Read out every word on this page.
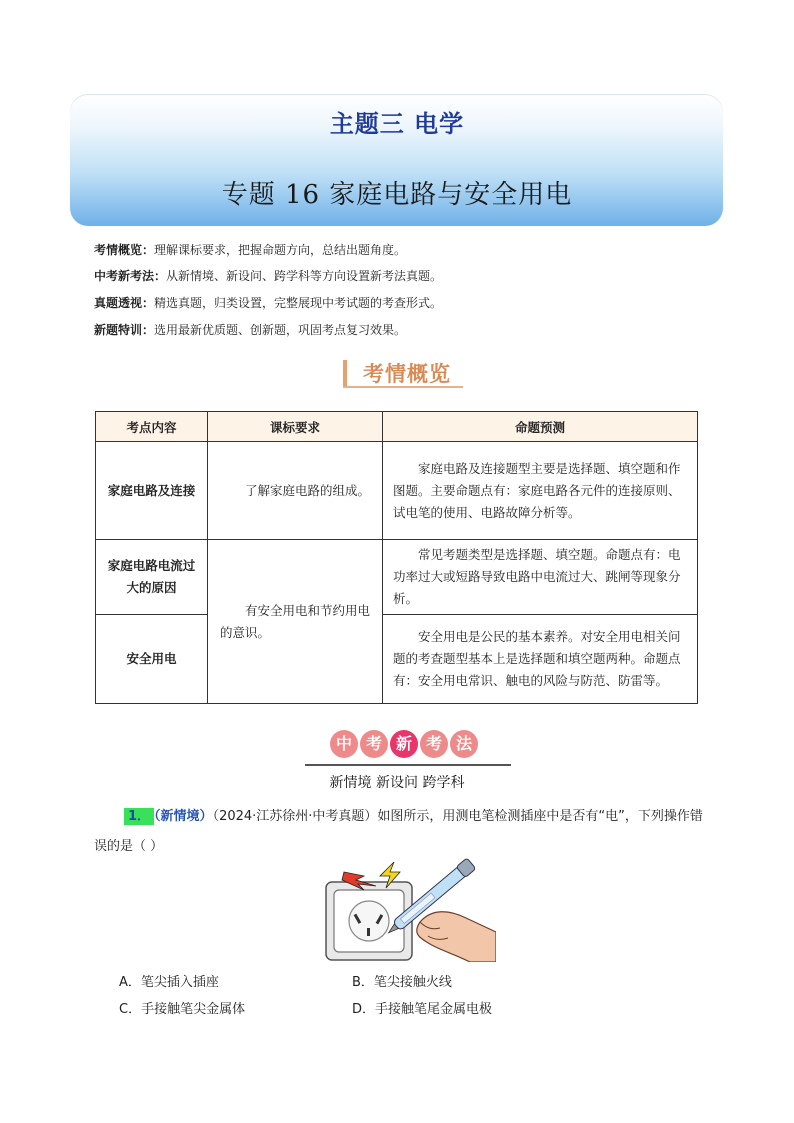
主题三 电学
专题 16 家庭电路与安全用电
考情概览：理解课标要求，把握命题方向，总结出题角度。
中考新考法：从新情境、新设问、跨学科等方向设置新考法真题。
真题透视：精选真题，归类设置，完整展现中考试题的考查形式。
新题特训：选用最新优质题、创新题，巩固考点复习效果。
考情概览
考点内容	课标要求	命题预测
家庭电路及连接	了解家庭电路的组成。	家庭电路及连接题型主要是选择题、填空题和作图题。主要命题点有：家庭电路各元件的连接原则、试电笔的使用、电路故障分析等。
家庭电路电流过大的原因	有安全用电和节约用电的意识。	常见考题类型是选择题、填空题。命题点有：电功率过大或短路导致电路中电流过大、跳闸等现象分析。
安全用电		安全用电是公民的基本素养。对安全用电相关问题的考查题型基本上是选择题和填空题两种。命题点有：安全用电常识、触电的风险与防范、防雷等。
中 考 新 考 法
新情境 新设问 跨学科
1． （新情境）（2024·江苏徐州·中考真题）如图所示，用测电笔检测插座中是否有“电”，下列操作错误的是（ ）
A．笔尖插入插座	B．笔尖接触火线
C．手接触笔尖金属体	D．手接触笔尾金属电极
